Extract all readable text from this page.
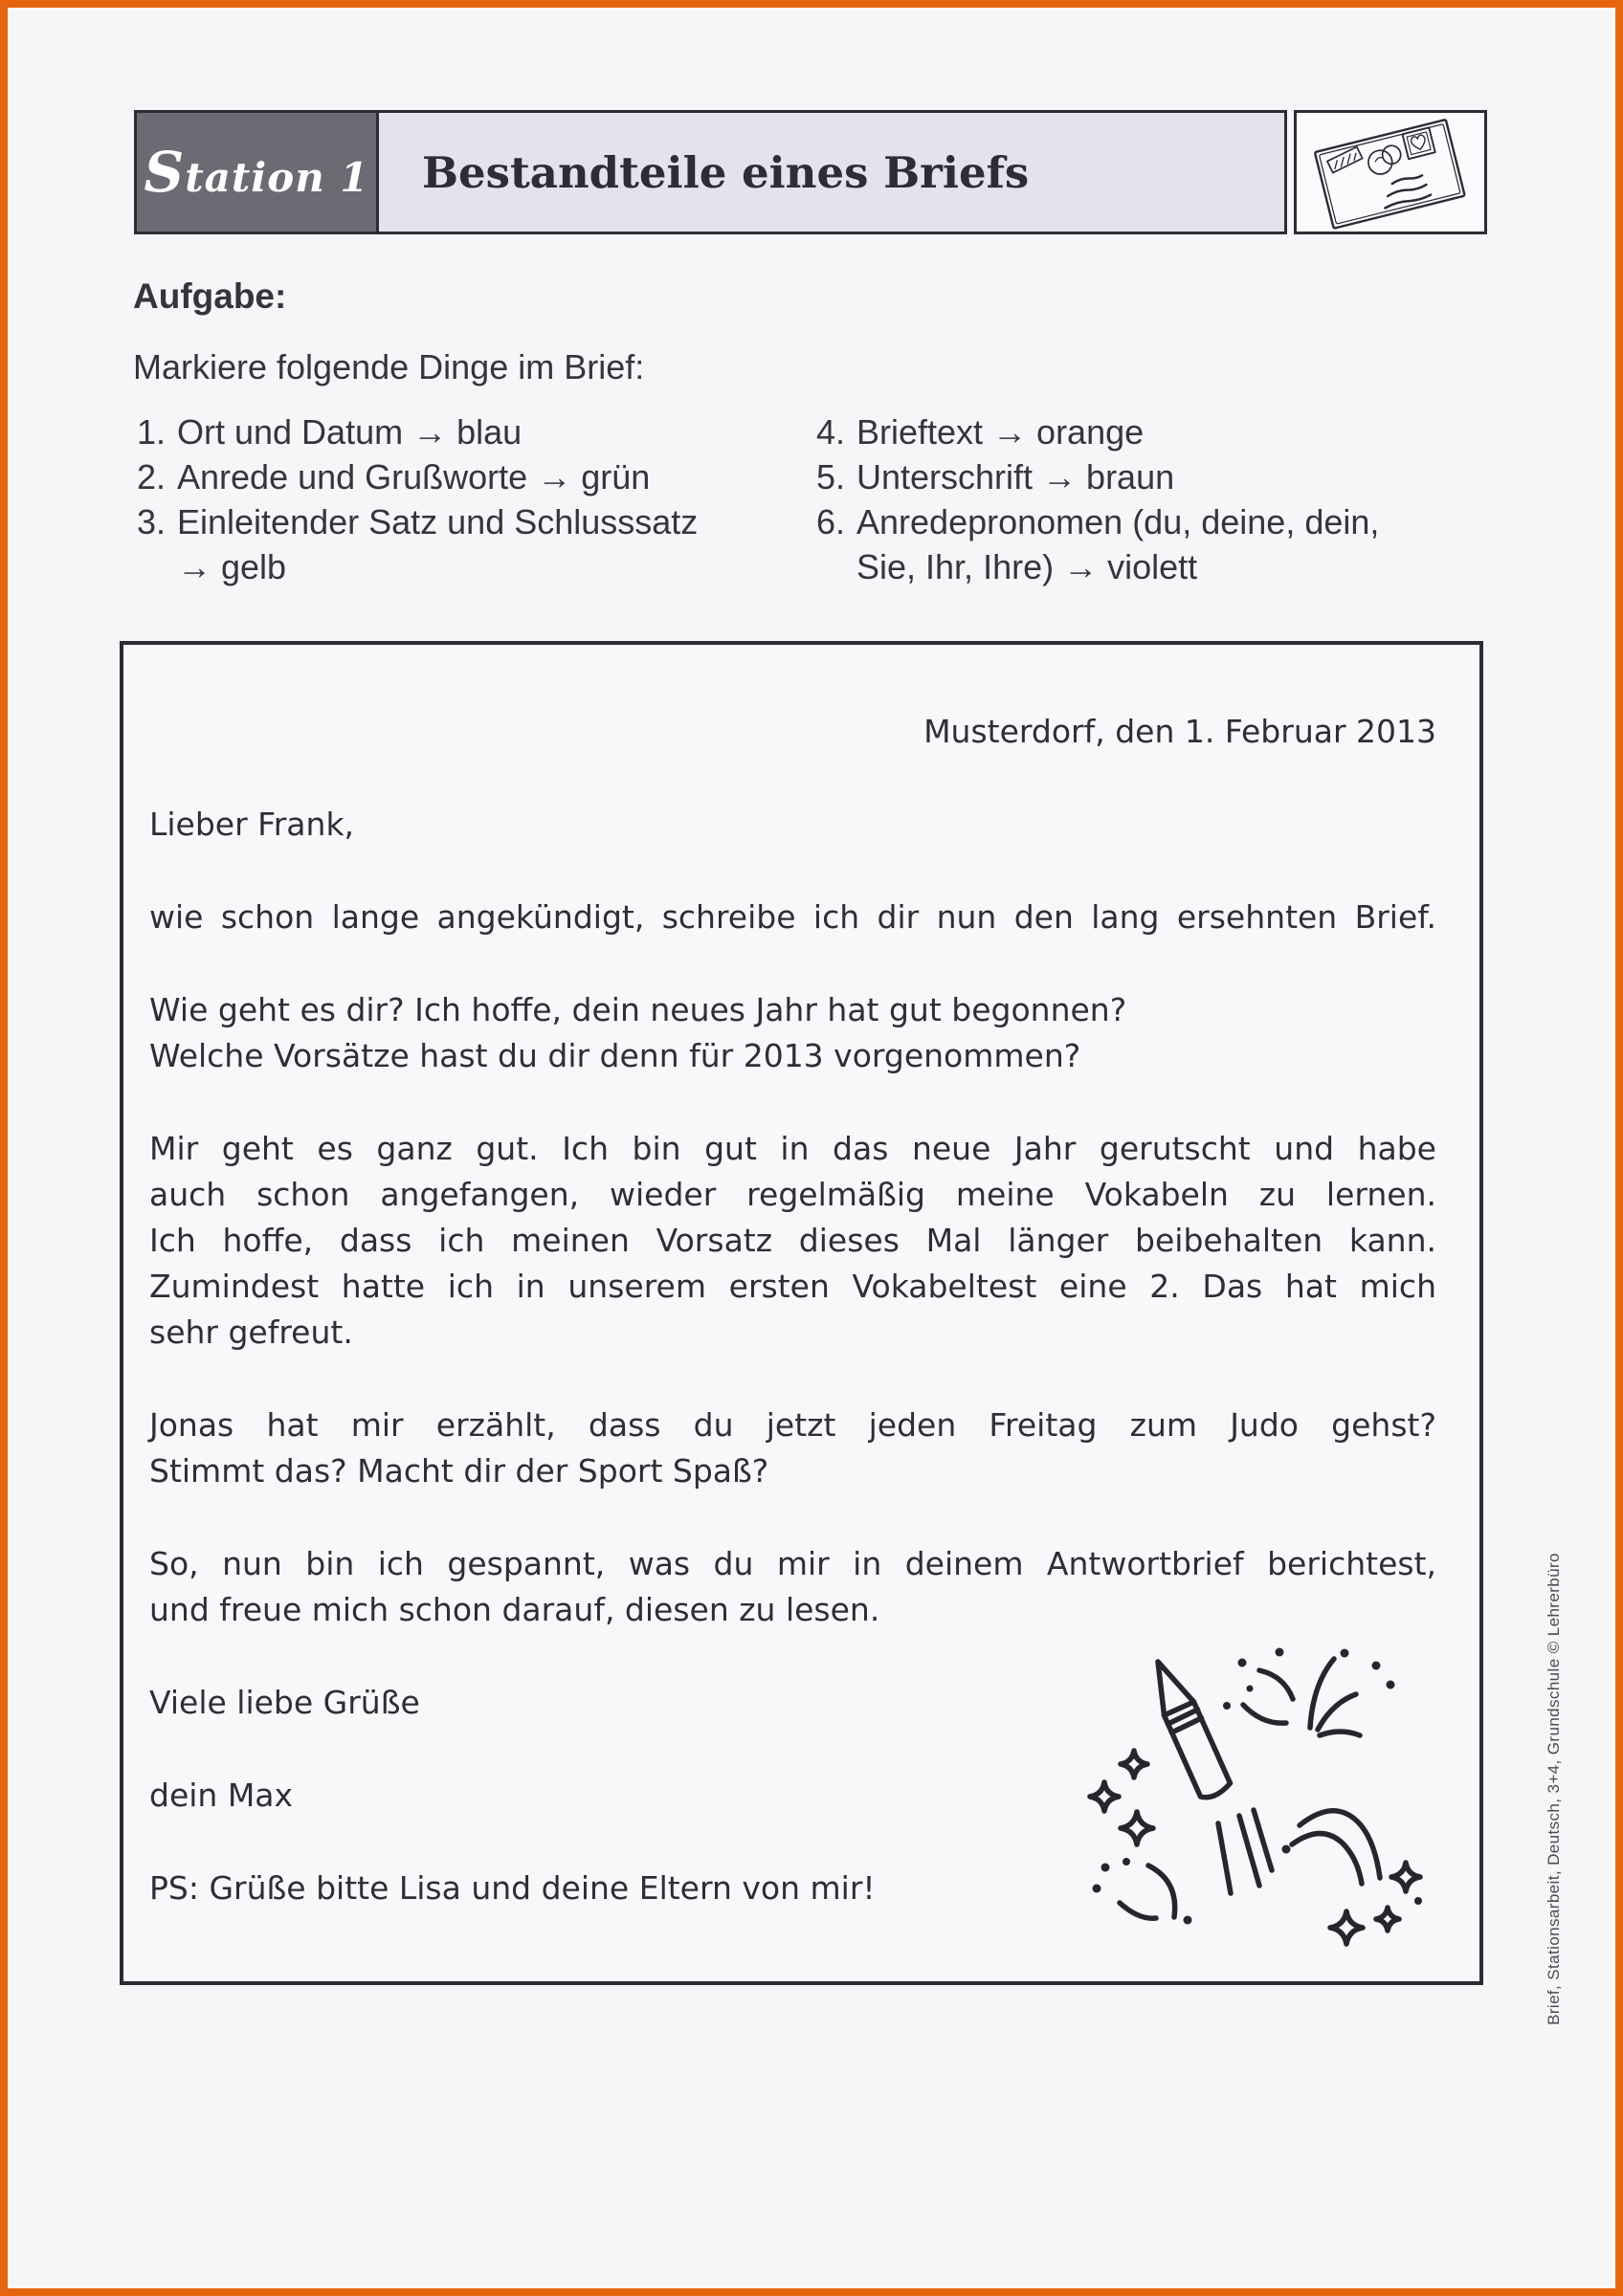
Station 1	Bestandteile eines Briefs
Aufgabe:
Markiere folgende Dinge im Brief:
1. Ort und Datum → blau
2. Anrede und Grußworte → grün
3. Einleitender Satz und Schlusssatz
→ gelb
4. Brieftext → orange
5. Unterschrift → braun
6. Anredepronomen (du, deine, dein,
Sie, Ihr, Ihre) → violett
Musterdorf, den 1. Februar 2013
Lieber Frank,
wie schon lange angekündigt, schreibe ich dir nun den lang ersehnten Brief.
Wie geht es dir? Ich hoffe, dein neues Jahr hat gut begonnen?
Welche Vorsätze hast du dir denn für 2013 vorgenommen?
Mir geht es ganz gut. Ich bin gut in das neue Jahr gerutscht und habe
auch schon angefangen, wieder regelmäßig meine Vokabeln zu lernen.
Ich hoffe, dass ich meinen Vorsatz dieses Mal länger beibehalten kann.
Zumindest hatte ich in unserem ersten Vokabeltest eine 2. Das hat mich
sehr gefreut.
Jonas hat mir erzählt, dass du jetzt jeden Freitag zum Judo gehst?
Stimmt das? Macht dir der Sport Spaß?
So, nun bin ich gespannt, was du mir in deinem Antwortbrief berichtest,
und freue mich schon darauf, diesen zu lesen.
Viele liebe Grüße
dein Max
PS: Grüße bitte Lisa und deine Eltern von mir!	Brief, Stationsarbeit, Deutsch, 3+4, Grundschule © Lehrerbüro
